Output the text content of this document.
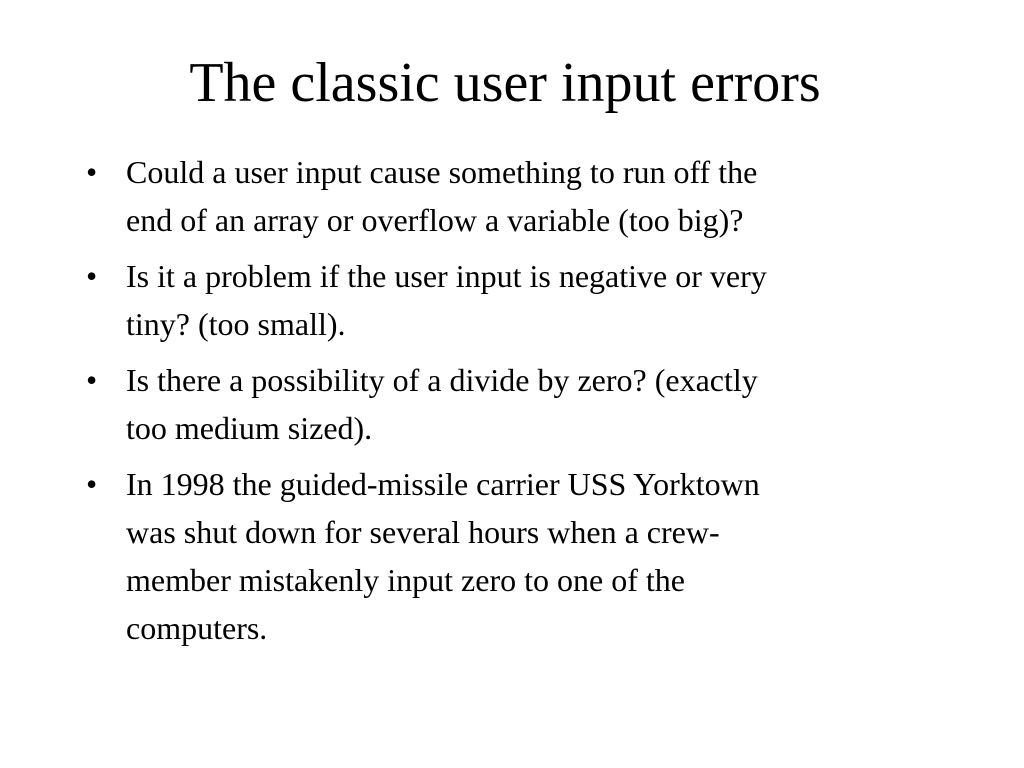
The classic user input errors
• Could a user input cause something to run off the
end of an array or overflow a variable (too big)?
• Is it a problem if the user input is negative or very
tiny? (too small).
• Is there a possibility of a divide by zero? (exactly
too medium sized).
• In 1998 the guided-missile carrier USS Yorktown
was shut down for several hours when a crew-
member mistakenly input zero to one of the
computers.
